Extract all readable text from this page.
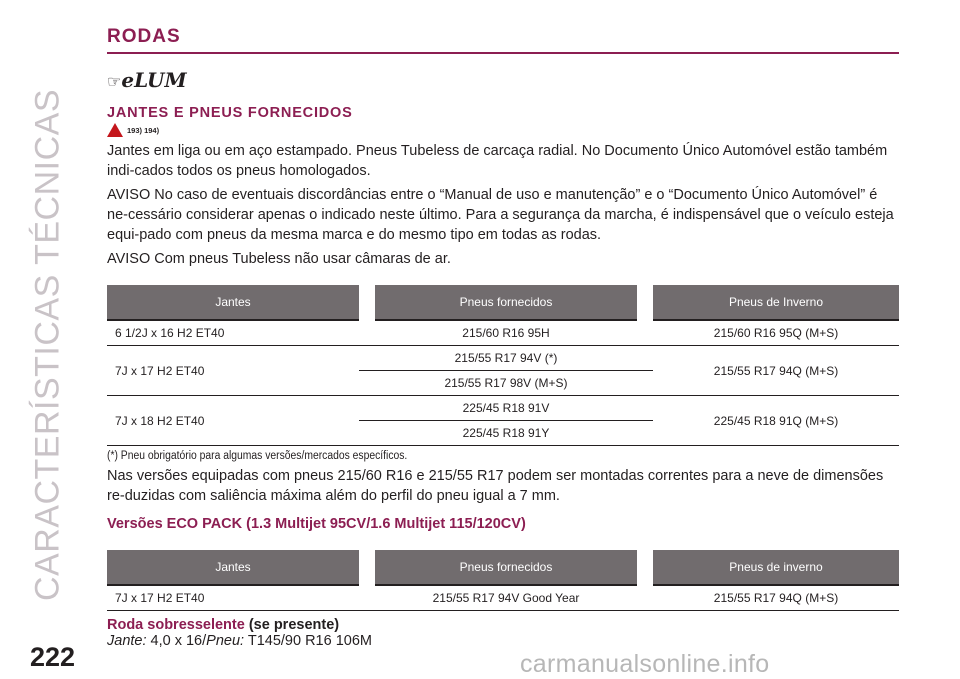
CARACTERÍSTICAS TÉCNICAS
222	carmanualsonline.info
RODAS
☞eLUM
JANTES E PNEUS FORNECIDOS
193) 194)

Jantes em liga ou em aço estampado. Pneus Tubeless de carcaça radial. No Documento Único Automóvel estão também indi-cados todos os pneus homologados.

AVISO No caso de eventuais discordâncias entre o “Manual de uso e manutenção” e o “Documento Único Automóvel” é ne-cessário considerar apenas o indicado neste último. Para a segurança da marcha, é indispensável que o veículo esteja equi-pado com pneus da mesma marca e do mesmo tipo em todas as rodas.

AVISO Com pneus Tubeless não usar câmaras de ar.

Jantes		Pneus fornecidos		Pneus de Inverno
6 1/2J x 16 H2 ET40		215/60 R16 95H		215/60 R16 95Q (M+S)
7J x 17 H2 ET40		215/55 R17 94V (*)		215/55 R17 94Q (M+S)
		215/55 R17 98V (M+S)		
7J x 18 H2 ET40		225/45 R18 91V		225/45 R18 91Q (M+S)
		225/45 R18 91Y		
(*) Pneu obrigatório para algumas versões/mercados específicos.

Nas versões equipadas com pneus 215/60 R16 e 215/55 R17 podem ser montadas correntes para a neve de dimensões re-duzidas com saliência máxima além do perfil do pneu igual a 7 mm.

Versões ECO PACK (1.3 Multijet 95CV/1.6 Multijet 115/120CV)
Jantes		Pneus fornecidos		Pneus de inverno
7J x 17 H2 ET40		215/55 R17 94V Good Year		215/55 R17 94Q (M+S)
Roda sobresselente (se presente)
Jante: 4,0 x 16/Pneu: T145/90 R16 106M
